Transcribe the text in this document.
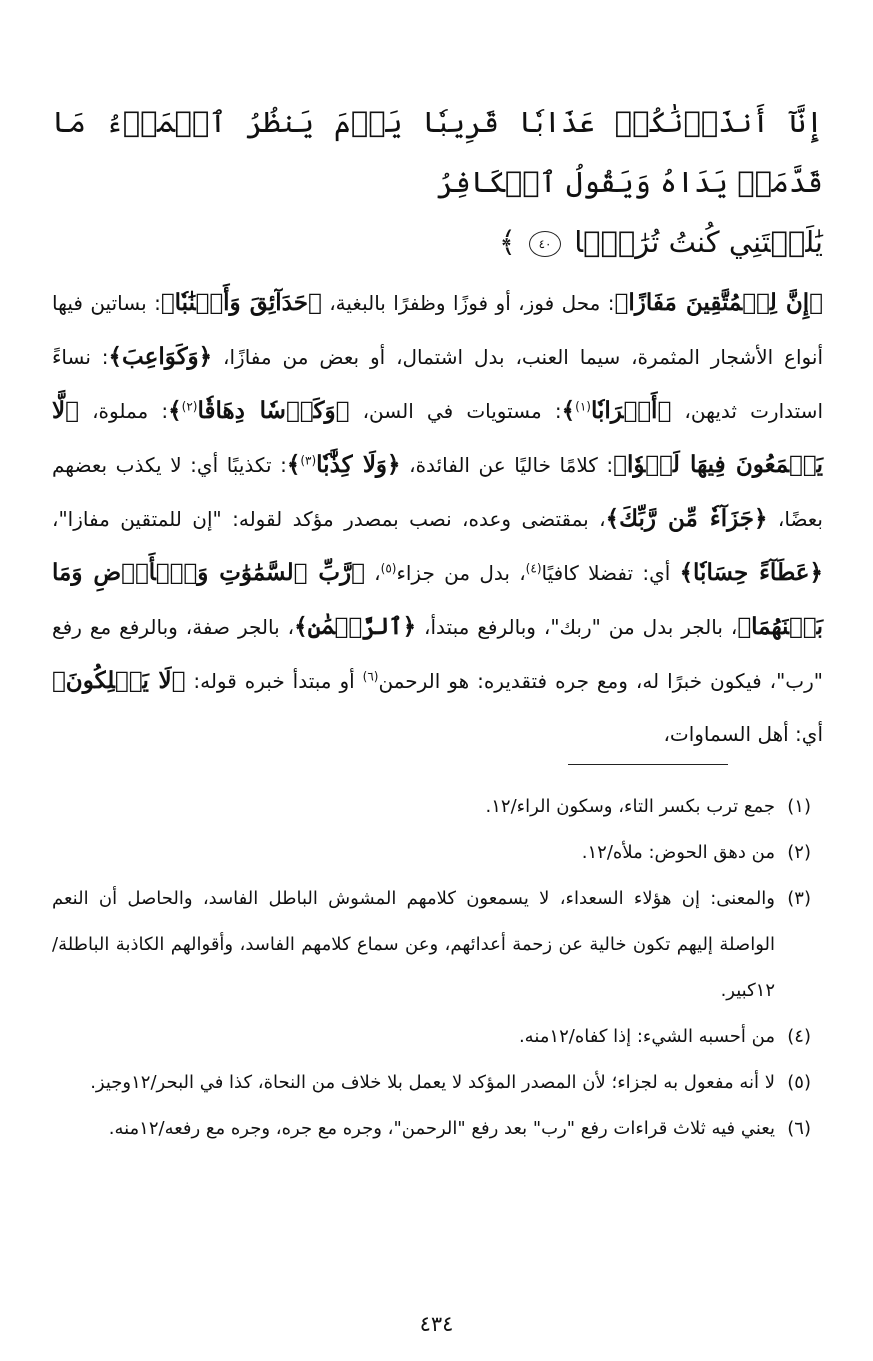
إِنَّآ أَنذَرۡنَٰكُمۡ عَذَابٗا قَرِيبٗا يَوۡمَ يَنظُرُ ٱلۡمَرۡءُ مَا قَدَّمَتۡ يَدَاهُ وَيَقُولُ ٱلۡكَافِرُ
يَٰلَيۡتَنِي كُنتُ تُرَٰبَۢا ٤٠ ﴾

﴿إِنَّ لِلۡمُتَّقِينَ مَفَازًا﴾: محل فوز، أو فوزًا وظفرًا بالبغية، ﴿حَدَآئِقَ وَأَعۡنَٰبٗا﴾: بساتين فيها أنواع الأشجار المثمرة، سيما العنب، بدل اشتمال، أو بعض من مفازًا، ﴿وَكَوَاعِبَ﴾: نساءً استدارت ثديهن، ﴿أَتۡرَابٗا$^{(١)}$﴾: مستويات في السن، ﴿وَكَأۡسٗا دِهَاقٗا$^{(٢)}$﴾: مملوة، ﴿لَّا يَسۡمَعُونَ فِيهَا لَغۡوٗا﴾: كلامًا خاليًا عن الفائدة، ﴿وَلَا كِذَّٰبٗا$^{(٣)}$﴾: تكذيبًا أي: لا يكذب بعضهم بعضًا، ﴿جَزَآءٗ مِّن رَّبِّكَ﴾، بمقتضى وعده، نصب بمصدر مؤكد لقوله: "إن للمتقين مفازا"، ﴿عَطَآءً حِسَابٗا﴾ أي: تفضلا كافيًا$^{(٤)}$، بدل من جزاء$^{(٥)}$، ﴿رَّبِّ ٱلسَّمَٰوَٰتِ وَٱلۡأَرۡضِ وَمَا بَيۡنَهُمَا﴾، بالجر بدل من "ربك"، وبالرفع مبتدأ، ﴿ٱلرَّحۡمَٰنِ﴾، بالجر صفة، وبالرفع مع رفع "رب"، فيكون خبرًا له، ومع جره فتقديره: هو الرحمن$^{(٦)}$ أو مبتدأ خبره قوله: ﴿لَا يَمۡلِكُونَ﴾ أي: أهل السماوات،

(١)
جمع ترب بكسر التاء، وسكون الراء/١٢.

(٢)
من دهق الحوض: ملأه/١٢.

(٣)
والمعنى: إن هؤلاء السعداء، لا يسمعون كلامهم المشوش الباطل الفاسد، والحاصل أن النعم الواصلة إليهم تكون خالية عن زحمة أعدائهم، وعن سماع كلامهم الفاسد، وأقوالهم الكاذبة الباطلة/١٢كبير.

(٤)
من أحسبه الشيء: إذا كفاه/١٢منه.

(٥)
لا أنه مفعول به لجزاء؛ لأن المصدر المؤكد لا يعمل بلا خلاف من النحاة، كذا في البحر/١٢وجيز.

(٦)
يعني فيه ثلاث قراءات رفع "رب" بعد رفع "الرحمن"، وجره مع جره، وجره مع رفعه/١٢منه.

٤٣٤
